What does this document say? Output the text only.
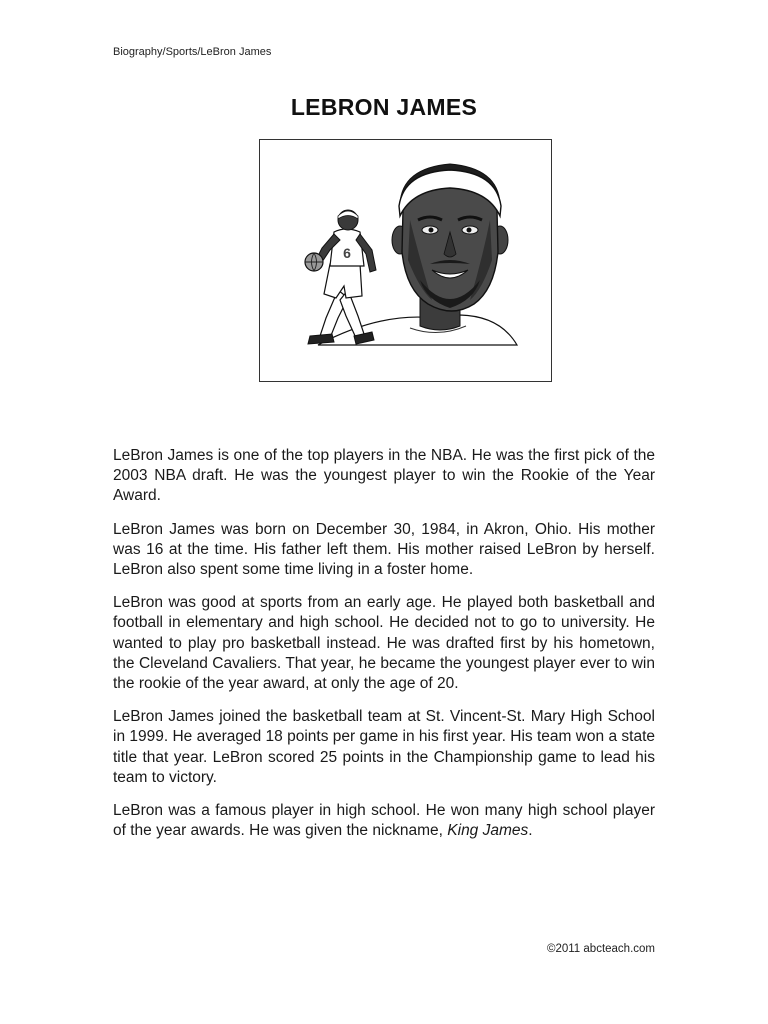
Biography/Sports/LeBron James
LEBRON JAMES
6

LeBron James is one of the top players in the NBA. He was the first pick of the 2003 NBA draft. He was the youngest player to win the Rookie of the Year Award.

LeBron James was born on December 30, 1984, in Akron, Ohio. His mother was 16 at the time. His father left them. His mother raised LeBron by herself. LeBron also spent some time living in a foster home.

LeBron was good at sports from an early age. He played both basketball and football in elementary and high school. He decided not to go to university. He wanted to play pro basketball instead. He was drafted first by his hometown, the Cleveland Cavaliers. That year, he became the youngest player ever to win the rookie of the year award, at only the age of 20.

LeBron James joined the basketball team at St. Vincent-St. Mary High School in 1999. He averaged 18 points per game in his first year. His team won a state title that year. LeBron scored 25 points in the Championship game to lead his team to victory.

LeBron was a famous player in high school. He won many high school player of the year awards. He was given the nickname, King James.

©2011 abcteach.com
